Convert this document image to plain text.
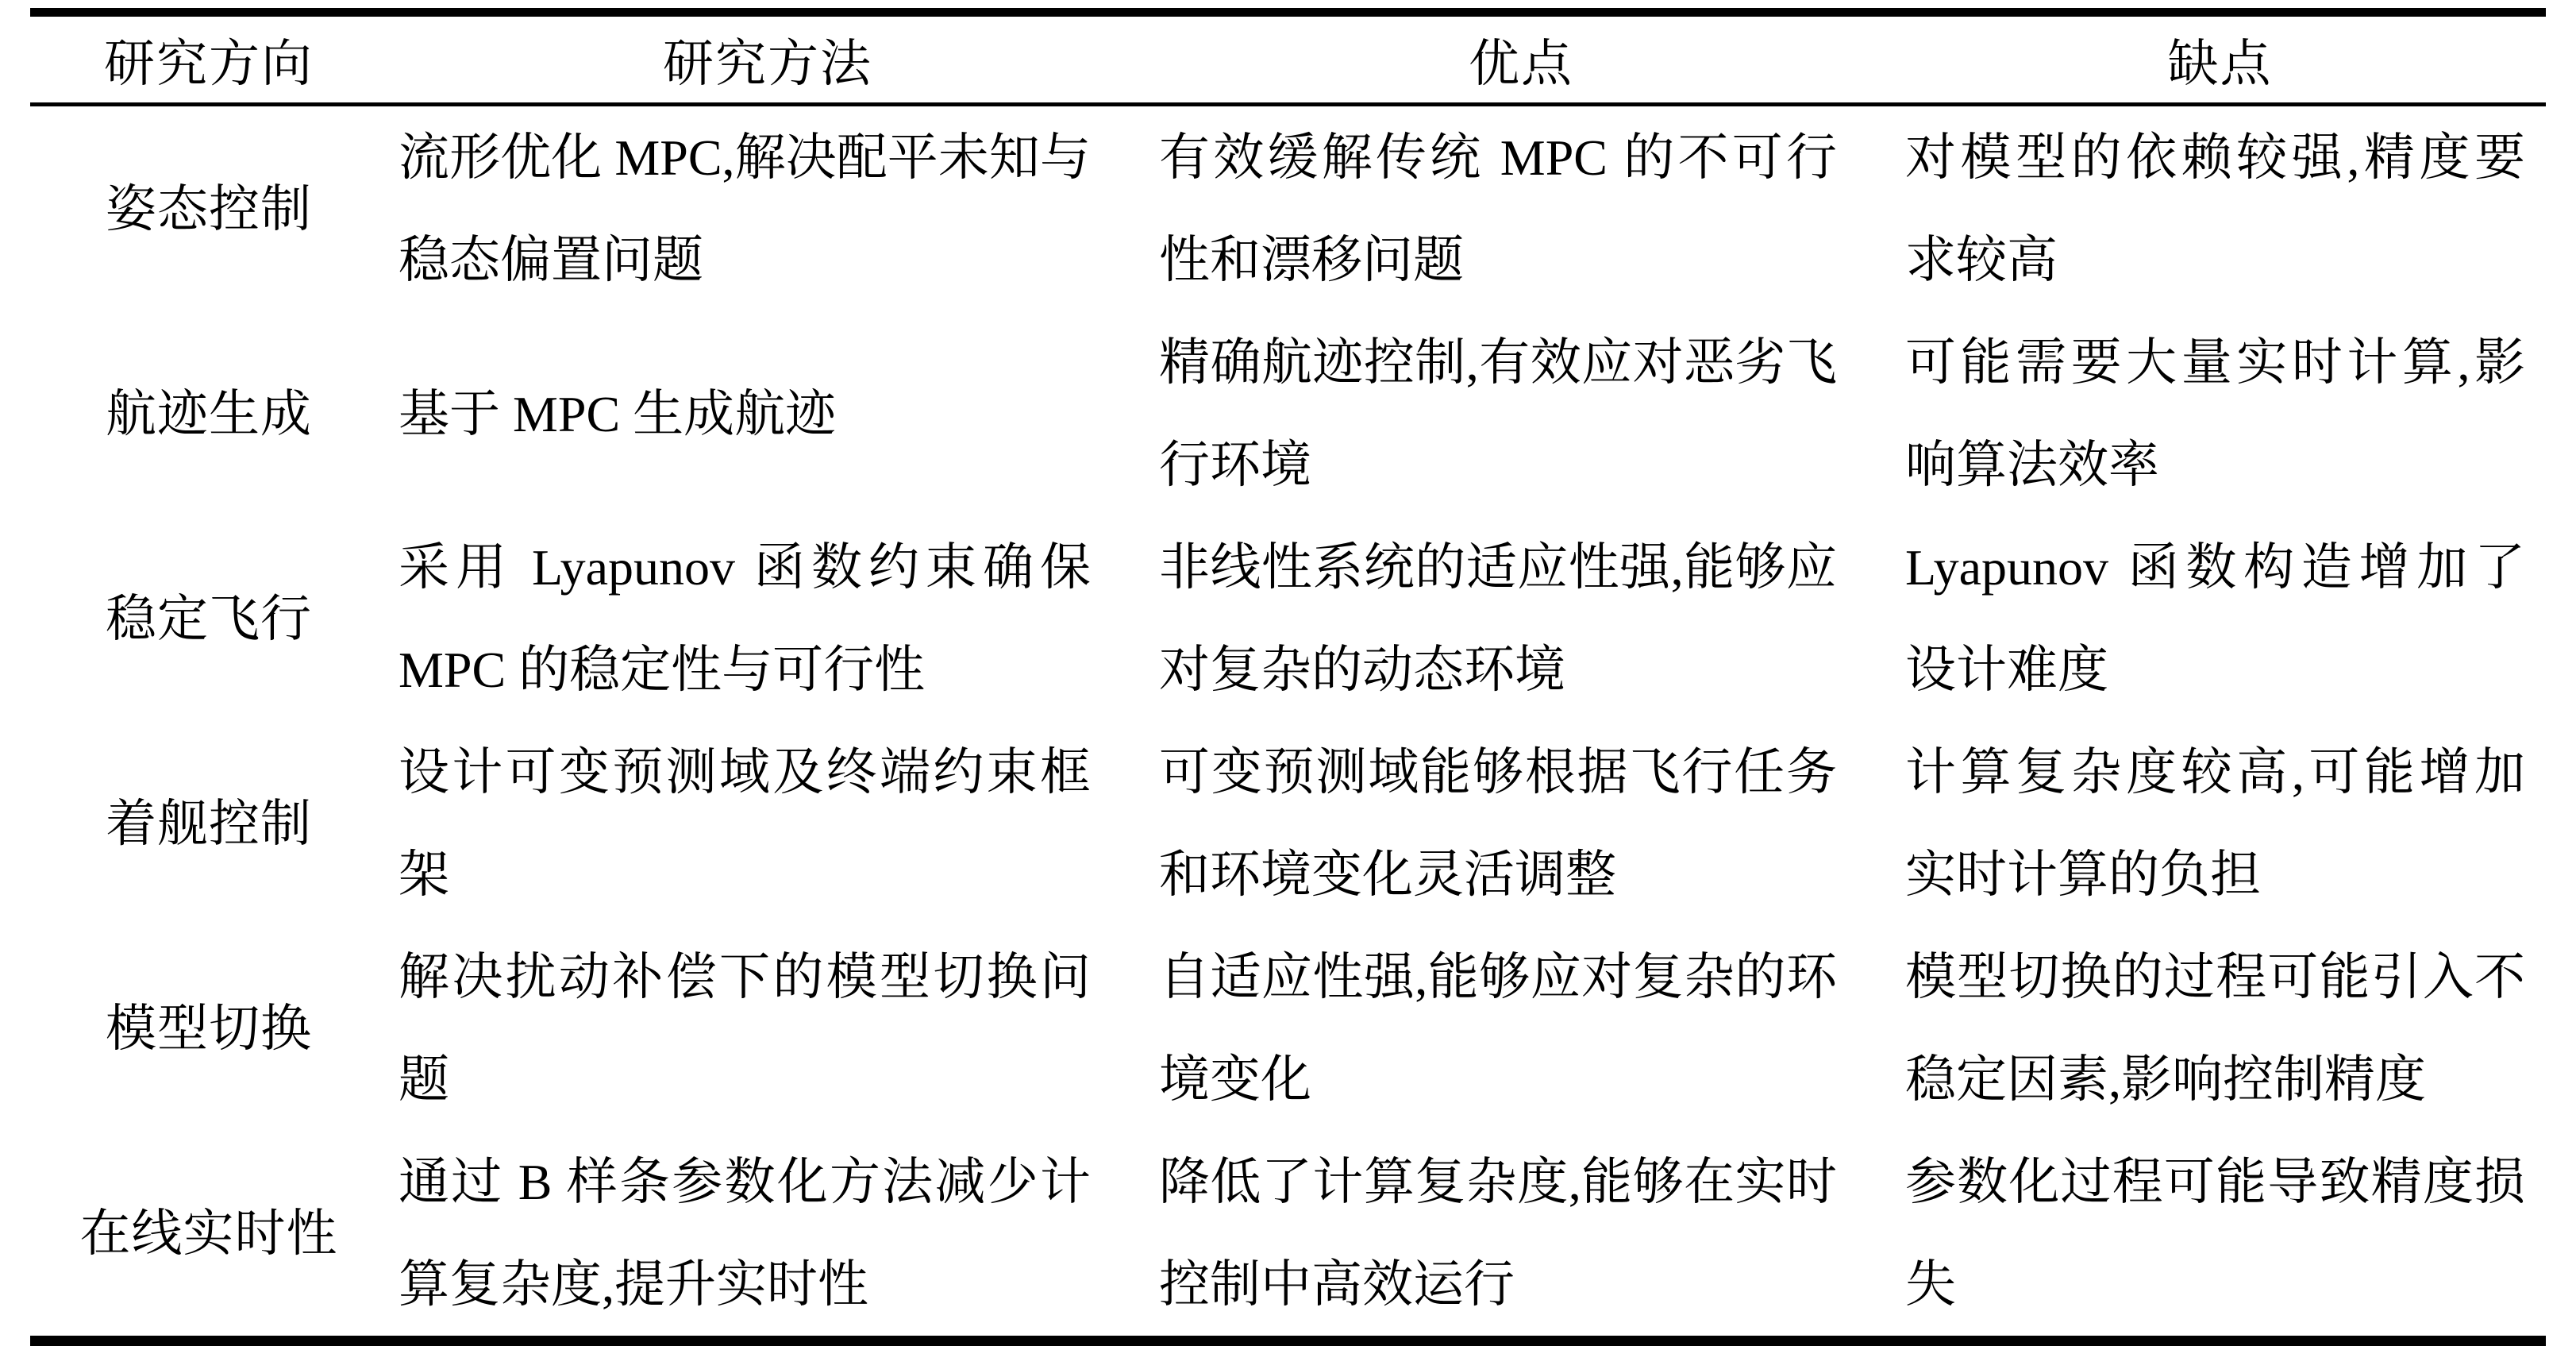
研究方向	研究方法	优点	缺点
姿态控制	流形优化 MPC,解决配平未知与稳态偏置问题	有效缓解传统 MPC 的不可行性和漂移问题	对模型的依赖较强,精度要求较高
航迹生成	基于 MPC 生成航迹	精确航迹控制,有效应对恶劣飞行环境	可能需要大量实时计算,影响算法效率
稳定飞行	采用 Lyapunov 函数约束确保 MPC 的稳定性与可行性	非线性系统的适应性强,能够应对复杂的动态环境	Lyapunov 函数构造增加了设计难度
着舰控制	设计可变预测域及终端约束框架	可变预测域能够根据飞行任务和环境变化灵活调整	计算复杂度较高,可能增加实时计算的负担
模型切换	解决扰动补偿下的模型切换问题	自适应性强,能够应对复杂的环境变化	模型切换的过程可能引入不稳定因素,影响控制精度
在线实时性	通过 B 样条参数化方法减少计算复杂度,提升实时性	降低了计算复杂度,能够在实时控制中高效运行	参数化过程可能导致精度损失
